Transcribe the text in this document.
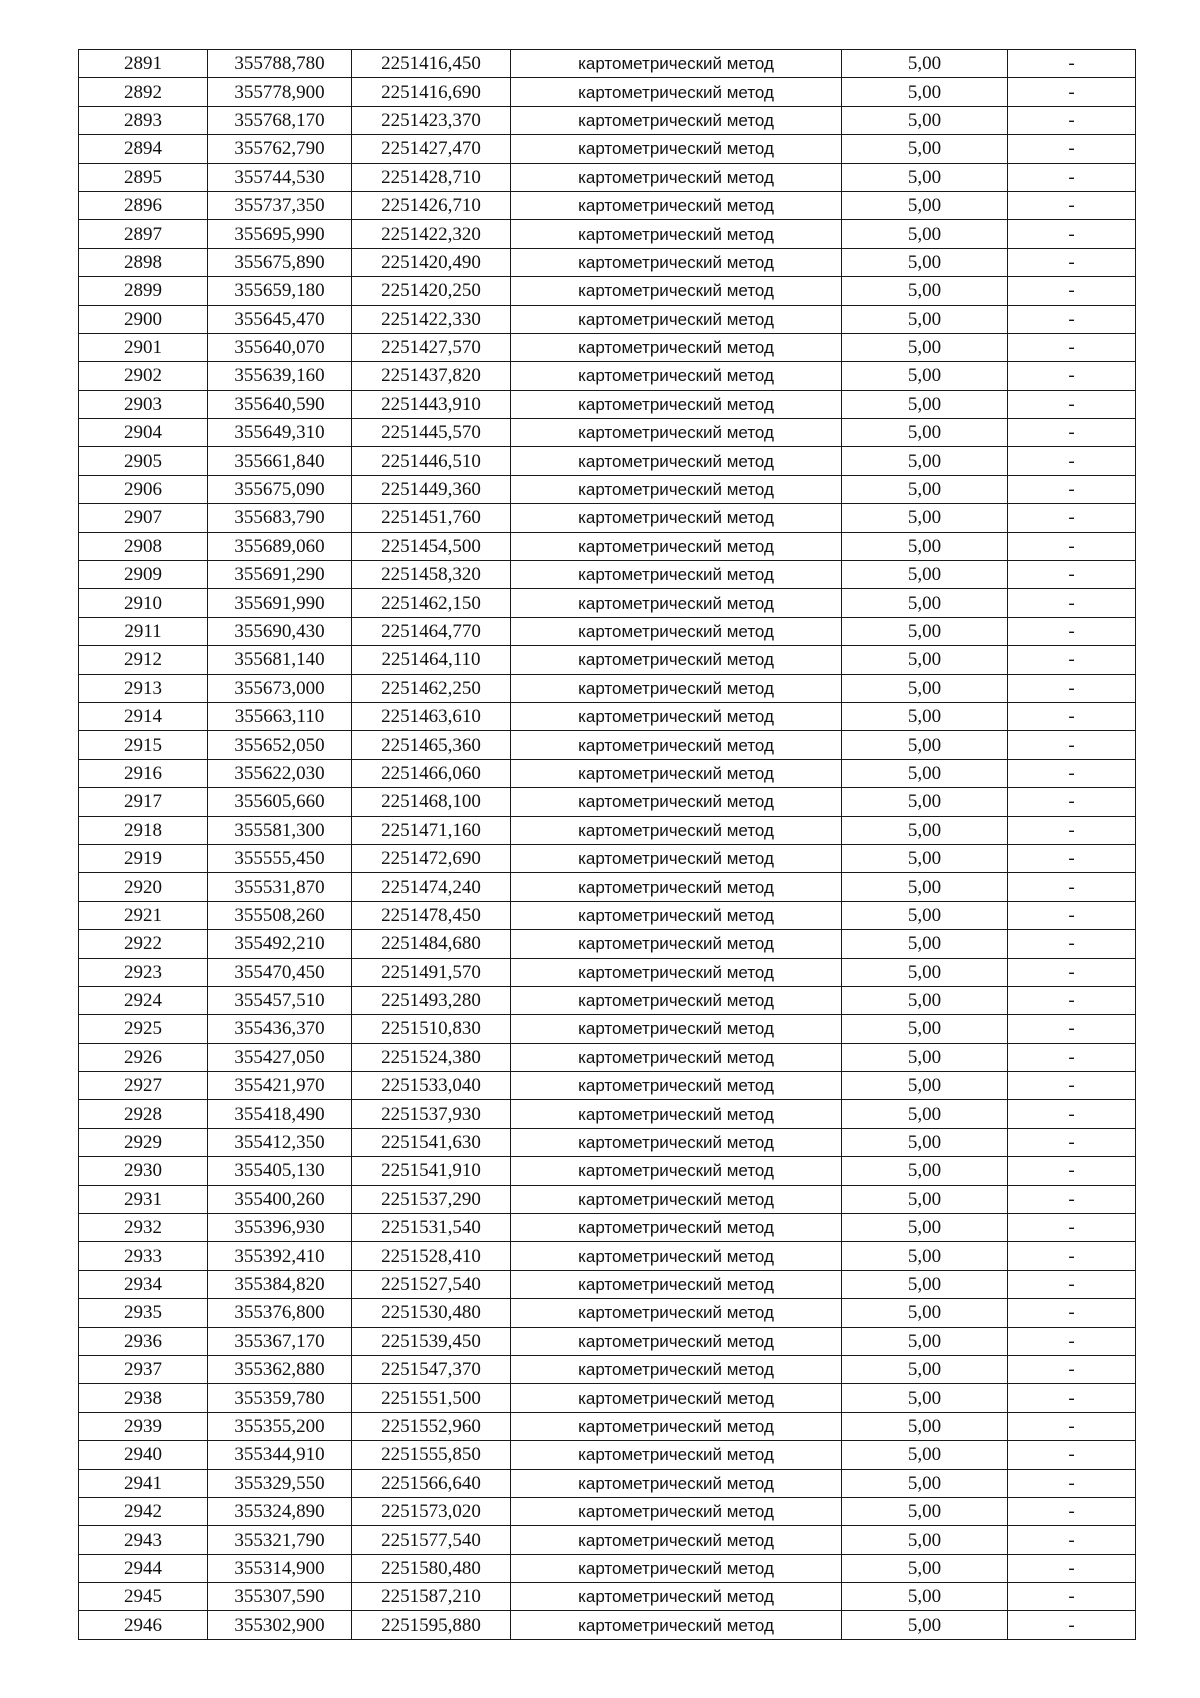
2891	355788,780	2251416,450	картометрический метод	5,00	-
2892	355778,900	2251416,690	картометрический метод	5,00	-
2893	355768,170	2251423,370	картометрический метод	5,00	-
2894	355762,790	2251427,470	картометрический метод	5,00	-
2895	355744,530	2251428,710	картометрический метод	5,00	-
2896	355737,350	2251426,710	картометрический метод	5,00	-
2897	355695,990	2251422,320	картометрический метод	5,00	-
2898	355675,890	2251420,490	картометрический метод	5,00	-
2899	355659,180	2251420,250	картометрический метод	5,00	-
2900	355645,470	2251422,330	картометрический метод	5,00	-
2901	355640,070	2251427,570	картометрический метод	5,00	-
2902	355639,160	2251437,820	картометрический метод	5,00	-
2903	355640,590	2251443,910	картометрический метод	5,00	-
2904	355649,310	2251445,570	картометрический метод	5,00	-
2905	355661,840	2251446,510	картометрический метод	5,00	-
2906	355675,090	2251449,360	картометрический метод	5,00	-
2907	355683,790	2251451,760	картометрический метод	5,00	-
2908	355689,060	2251454,500	картометрический метод	5,00	-
2909	355691,290	2251458,320	картометрический метод	5,00	-
2910	355691,990	2251462,150	картометрический метод	5,00	-
2911	355690,430	2251464,770	картометрический метод	5,00	-
2912	355681,140	2251464,110	картометрический метод	5,00	-
2913	355673,000	2251462,250	картометрический метод	5,00	-
2914	355663,110	2251463,610	картометрический метод	5,00	-
2915	355652,050	2251465,360	картометрический метод	5,00	-
2916	355622,030	2251466,060	картометрический метод	5,00	-
2917	355605,660	2251468,100	картометрический метод	5,00	-
2918	355581,300	2251471,160	картометрический метод	5,00	-
2919	355555,450	2251472,690	картометрический метод	5,00	-
2920	355531,870	2251474,240	картометрический метод	5,00	-
2921	355508,260	2251478,450	картометрический метод	5,00	-
2922	355492,210	2251484,680	картометрический метод	5,00	-
2923	355470,450	2251491,570	картометрический метод	5,00	-
2924	355457,510	2251493,280	картометрический метод	5,00	-
2925	355436,370	2251510,830	картометрический метод	5,00	-
2926	355427,050	2251524,380	картометрический метод	5,00	-
2927	355421,970	2251533,040	картометрический метод	5,00	-
2928	355418,490	2251537,930	картометрический метод	5,00	-
2929	355412,350	2251541,630	картометрический метод	5,00	-
2930	355405,130	2251541,910	картометрический метод	5,00	-
2931	355400,260	2251537,290	картометрический метод	5,00	-
2932	355396,930	2251531,540	картометрический метод	5,00	-
2933	355392,410	2251528,410	картометрический метод	5,00	-
2934	355384,820	2251527,540	картометрический метод	5,00	-
2935	355376,800	2251530,480	картометрический метод	5,00	-
2936	355367,170	2251539,450	картометрический метод	5,00	-
2937	355362,880	2251547,370	картометрический метод	5,00	-
2938	355359,780	2251551,500	картометрический метод	5,00	-
2939	355355,200	2251552,960	картометрический метод	5,00	-
2940	355344,910	2251555,850	картометрический метод	5,00	-
2941	355329,550	2251566,640	картометрический метод	5,00	-
2942	355324,890	2251573,020	картометрический метод	5,00	-
2943	355321,790	2251577,540	картометрический метод	5,00	-
2944	355314,900	2251580,480	картометрический метод	5,00	-
2945	355307,590	2251587,210	картометрический метод	5,00	-
2946	355302,900	2251595,880	картометрический метод	5,00	-
